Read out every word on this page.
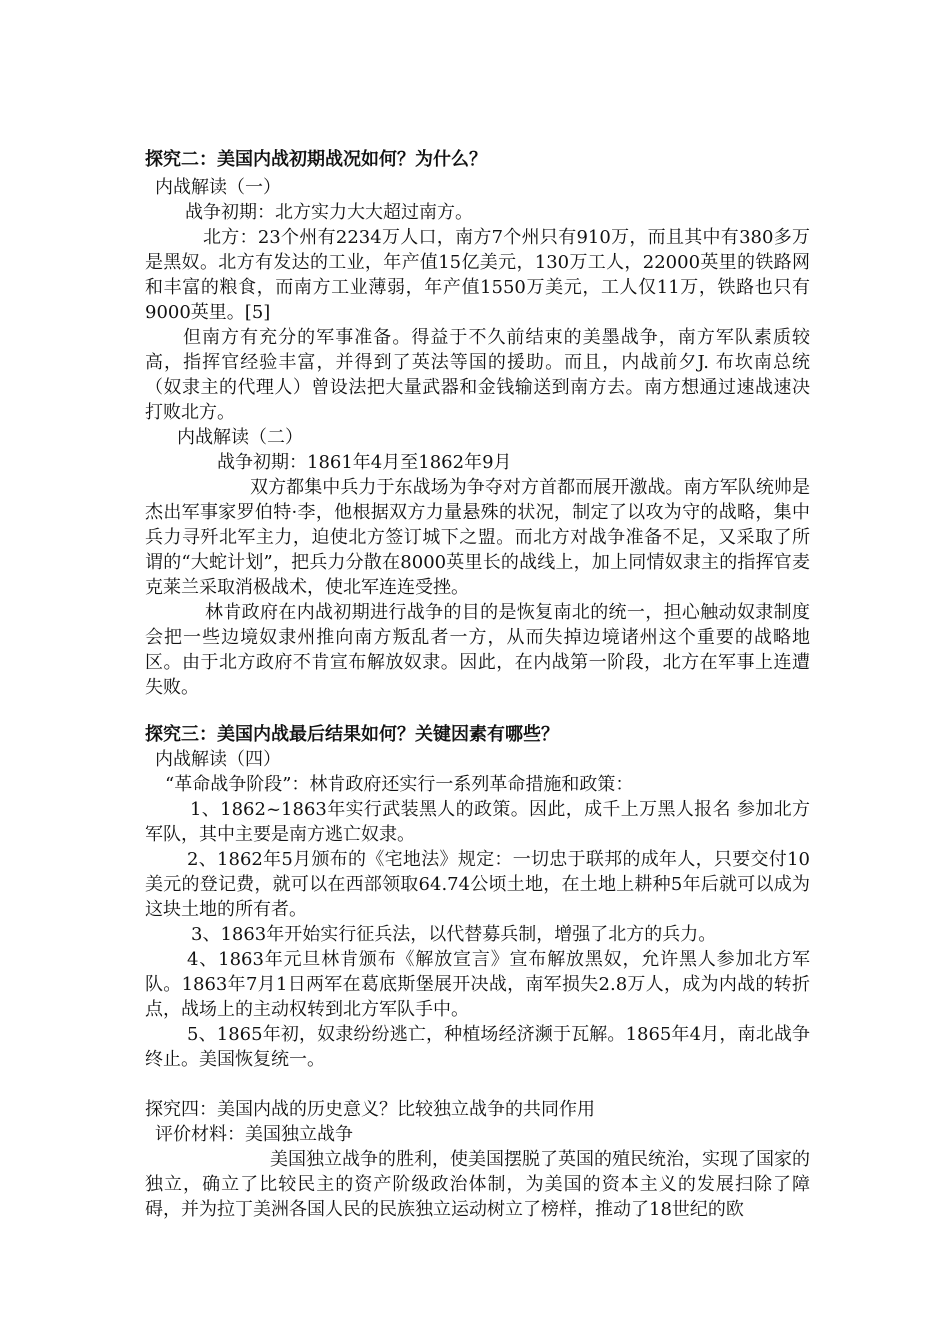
探究二：美国内战初期战况如何？为什么？
内战解读（一）
战争初期：北方实力大大超过南方。
北方：23个州有2234万人口，南方7个州只有910万，而且其中有380多万是黑奴。北方有发达的工业，年产值15亿美元，130万工人，22000英里的铁路网和丰富的粮食，而南方工业薄弱，年产值1550万美元，工人仅11万，铁路也只有9000英里。[5]
但南方有充分的军事准备。得益于不久前结束的美墨战争，南方军队素质较高，指挥官经验丰富，并得到了英法等国的援助。而且，内战前夕J. 布坎南总统（奴隶主的代理人）曾设法把大量武器和金钱输送到南方去。南方想通过速战速决打败北方。
内战解读（二）
战争初期：1861年4月至1862年9月
双方都集中兵力于东战场为争夺对方首都而展开激战。南方军队统帅是杰出军事家罗伯特·李，他根据双方力量悬殊的状况，制定了以攻为守的战略，集中兵力寻歼北军主力，迫使北方签订城下之盟。而北方对战争准备不足，又采取了所谓的“大蛇计划”，把兵力分散在8000英里长的战线上，加上同情奴隶主的指挥官麦克莱兰采取消极战术，使北军连连受挫。
林肯政府在内战初期进行战争的目的是恢复南北的统一，担心触动奴隶制度会把一些边境奴隶州推向南方叛乱者一方，从而失掉边境诸州这个重要的战略地区。由于北方政府不肯宣布解放奴隶。因此，在内战第一阶段，北方在军事上连遭失败。
探究三：美国内战最后结果如何？关键因素有哪些？
内战解读（四）
“革命战争阶段”：林肯政府还实行一系列革命措施和政策：
1、1862~1863年实行武装黑人的政策。因此，成千上万黑人报名 参加北方军队，其中主要是南方逃亡奴隶。
2、1862年5月颁布的《宅地法》规定：一切忠于联邦的成年人，只要交付10美元的登记费，就可以在西部领取64.74公顷土地，在土地上耕种5年后就可以成为这块土地的所有者。
3、1863年开始实行征兵法，以代替募兵制，增强了北方的兵力。
4、1863年元旦林肯颁布《解放宣言》宣布解放黑奴，允许黑人参加北方军队。1863年7月1日两军在葛底斯堡展开决战，南军损失2.8万人，成为内战的转折点，战场上的主动权转到北方军队手中。
5、1865年初，奴隶纷纷逃亡，种植场经济濒于瓦解。1865年4月，南北战争终止。美国恢复统一。
探究四：美国内战的历史意义？比较独立战争的共同作用
评价材料：美国独立战争
美国独立战争的胜利，使美国摆脱了英国的殖民统治，实现了国家的独立，确立了比较民主的资产阶级政治体制，为美国的资本主义的发展扫除了障碍，并为拉丁美洲各国人民的民族独立运动树立了榜样，推动了18世纪的欧
